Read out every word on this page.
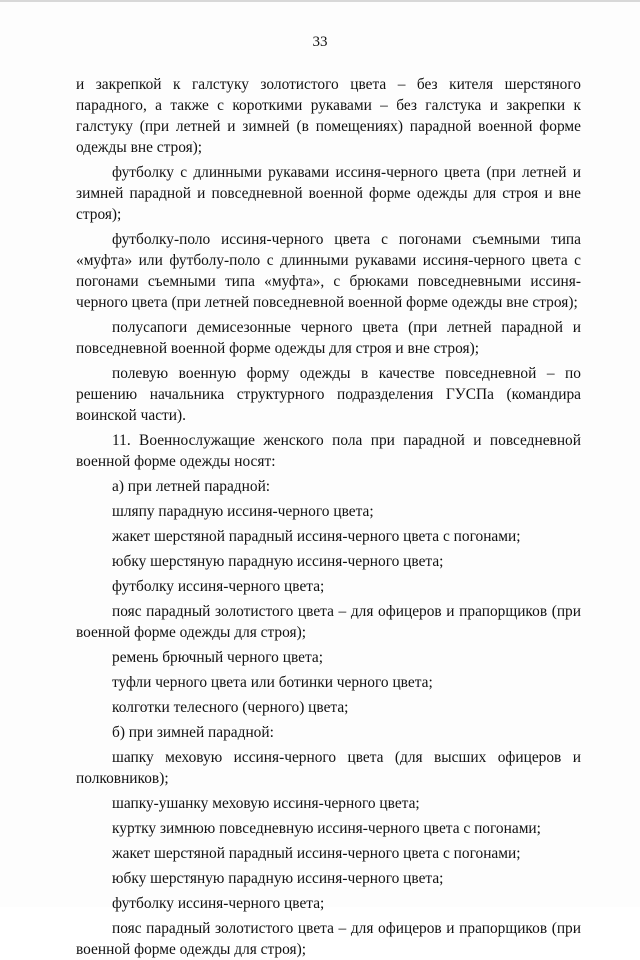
33

и закрепкой к галстуку золотистого цвета – без кителя шерстяного парадного, а также с короткими рукавами – без галстука и закрепки к галстуку (при летней и зимней (в помещениях) парадной военной форме одежды вне строя);

футболку с длинными рукавами иссиня-черного цвета (при летней и зимней парадной и повседневной военной форме одежды для строя и вне строя);

футболку-поло иссиня-черного цвета с погонами съемными типа «муфта» или футболу-поло с длинными рукавами иссиня-черного цвета с погонами съемными типа «муфта», с брюками повседневными иссиня-черного цвета (при летней повседневной военной форме одежды вне строя);

полусапоги демисезонные черного цвета (при летней парадной и повседневной военной форме одежды для строя и вне строя);

полевую военную форму одежды в качестве повседневной – по решению начальника структурного подразделения ГУСПа (командира воинской части).

11. Военнослужащие женского пола при парадной и повседневной военной форме одежды носят:

а) при летней парадной:

шляпу парадную иссиня-черного цвета;

жакет шерстяной парадный иссиня-черного цвета с погонами;

юбку шерстяную парадную иссиня-черного цвета;

футболку иссиня-черного цвета;

пояс парадный золотистого цвета – для офицеров и прапорщиков (при военной форме одежды для строя);

ремень брючный черного цвета;

туфли черного цвета или ботинки черного цвета;

колготки телесного (черного) цвета;

б) при зимней парадной:

шапку меховую иссиня-черного цвета (для высших офицеров и полковников);

шапку-ушанку меховую иссиня-черного цвета;

куртку зимнюю повседневную иссиня-черного цвета с погонами;

жакет шерстяной парадный иссиня-черного цвета с погонами;

юбку шерстяную парадную иссиня-черного цвета;

футболку иссиня-черного цвета;

пояс парадный золотистого цвета – для офицеров и прапорщиков (при военной форме одежды для строя);
